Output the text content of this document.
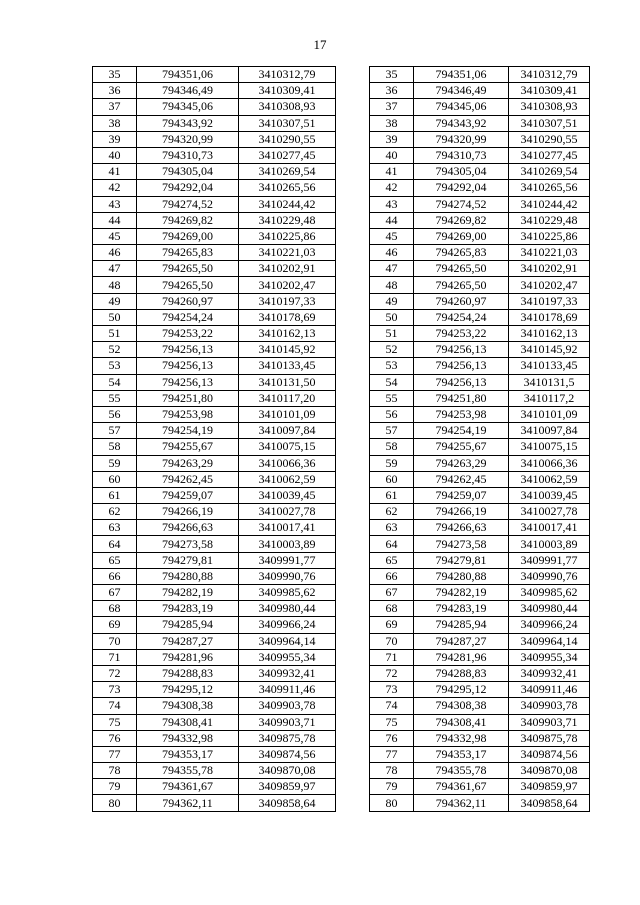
17
35	794351,06	3410312,79
36	794346,49	3410309,41
37	794345,06	3410308,93
38	794343,92	3410307,51
39	794320,99	3410290,55
40	794310,73	3410277,45
41	794305,04	3410269,54
42	794292,04	3410265,56
43	794274,52	3410244,42
44	794269,82	3410229,48
45	794269,00	3410225,86
46	794265,83	3410221,03
47	794265,50	3410202,91
48	794265,50	3410202,47
49	794260,97	3410197,33
50	794254,24	3410178,69
51	794253,22	3410162,13
52	794256,13	3410145,92
53	794256,13	3410133,45
54	794256,13	3410131,50
55	794251,80	3410117,20
56	794253,98	3410101,09
57	794254,19	3410097,84
58	794255,67	3410075,15
59	794263,29	3410066,36
60	794262,45	3410062,59
61	794259,07	3410039,45
62	794266,19	3410027,78
63	794266,63	3410017,41
64	794273,58	3410003,89
65	794279,81	3409991,77
66	794280,88	3409990,76
67	794282,19	3409985,62
68	794283,19	3409980,44
69	794285,94	3409966,24
70	794287,27	3409964,14
71	794281,96	3409955,34
72	794288,83	3409932,41
73	794295,12	3409911,46
74	794308,38	3409903,78
75	794308,41	3409903,71
76	794332,98	3409875,78
77	794353,17	3409874,56
78	794355,78	3409870,08
79	794361,67	3409859,97
80	794362,11	3409858,64
35	794351,06	3410312,79
36	794346,49	3410309,41
37	794345,06	3410308,93
38	794343,92	3410307,51
39	794320,99	3410290,55
40	794310,73	3410277,45
41	794305,04	3410269,54
42	794292,04	3410265,56
43	794274,52	3410244,42
44	794269,82	3410229,48
45	794269,00	3410225,86
46	794265,83	3410221,03
47	794265,50	3410202,91
48	794265,50	3410202,47
49	794260,97	3410197,33
50	794254,24	3410178,69
51	794253,22	3410162,13
52	794256,13	3410145,92
53	794256,13	3410133,45
54	794256,13	3410131,5
55	794251,80	3410117,2
56	794253,98	3410101,09
57	794254,19	3410097,84
58	794255,67	3410075,15
59	794263,29	3410066,36
60	794262,45	3410062,59
61	794259,07	3410039,45
62	794266,19	3410027,78
63	794266,63	3410017,41
64	794273,58	3410003,89
65	794279,81	3409991,77
66	794280,88	3409990,76
67	794282,19	3409985,62
68	794283,19	3409980,44
69	794285,94	3409966,24
70	794287,27	3409964,14
71	794281,96	3409955,34
72	794288,83	3409932,41
73	794295,12	3409911,46
74	794308,38	3409903,78
75	794308,41	3409903,71
76	794332,98	3409875,78
77	794353,17	3409874,56
78	794355,78	3409870,08
79	794361,67	3409859,97
80	794362,11	3409858,64
